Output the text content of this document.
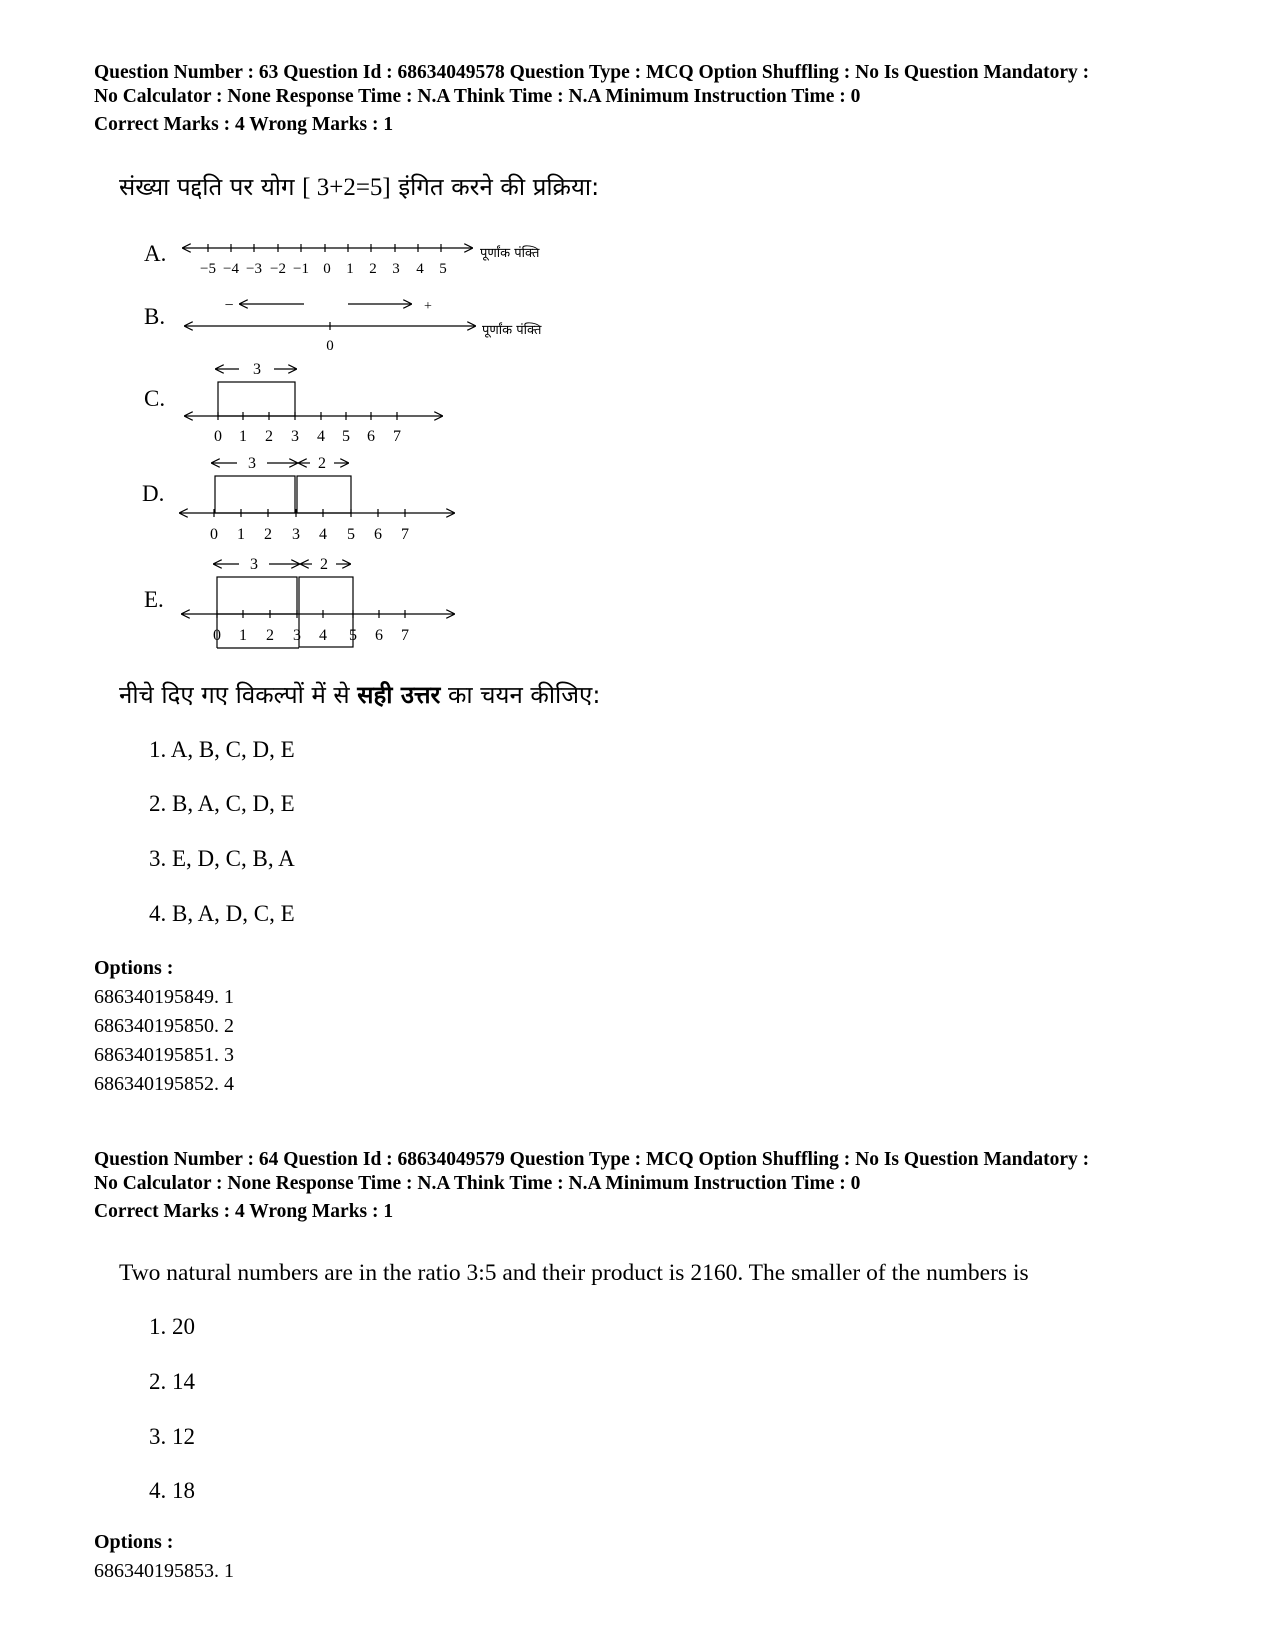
Question Number : 63 Question Id : 68634049578 Question Type : MCQ Option Shuffling : No Is Question Mandatory :

No Calculator : None Response Time : N.A Think Time : N.A Minimum Instruction Time : 0

Correct Marks : 4 Wrong Marks : 1

संख्या पद्दति पर योग [ 3+2=5] इंगित करने की प्रक्रिया:
A.
B.
C.
D.
E.
पूर्णांक पंक्ति
−5 −4 −3 −2 −1 0 1 2 3 4 5
−	+
पूर्णांक पंक्ति
0
3
0 1 2 3 4 5 6 7
3	2
0 1 2 3 4 5 6 7
3	2
0 1 2 3 4 5 6 7
नीचे दिए गए विकल्पों में से सही उत्तर का चयन कीजिए:
1. A, B, C, D, E
2. B, A, C, D, E
3. E, D, C, B, A
4. B, A, D, C, E
Options :
686340195849. 1
686340195850. 2
686340195851. 3
686340195852. 4

Question Number : 64 Question Id : 68634049579 Question Type : MCQ Option Shuffling : No Is Question Mandatory :

No Calculator : None Response Time : N.A Think Time : N.A Minimum Instruction Time : 0

Correct Marks : 4 Wrong Marks : 1

Two natural numbers are in the ratio 3:5 and their product is 2160. The smaller of the numbers is
1. 20
2. 14
3. 12
4. 18
Options :
686340195853. 1
